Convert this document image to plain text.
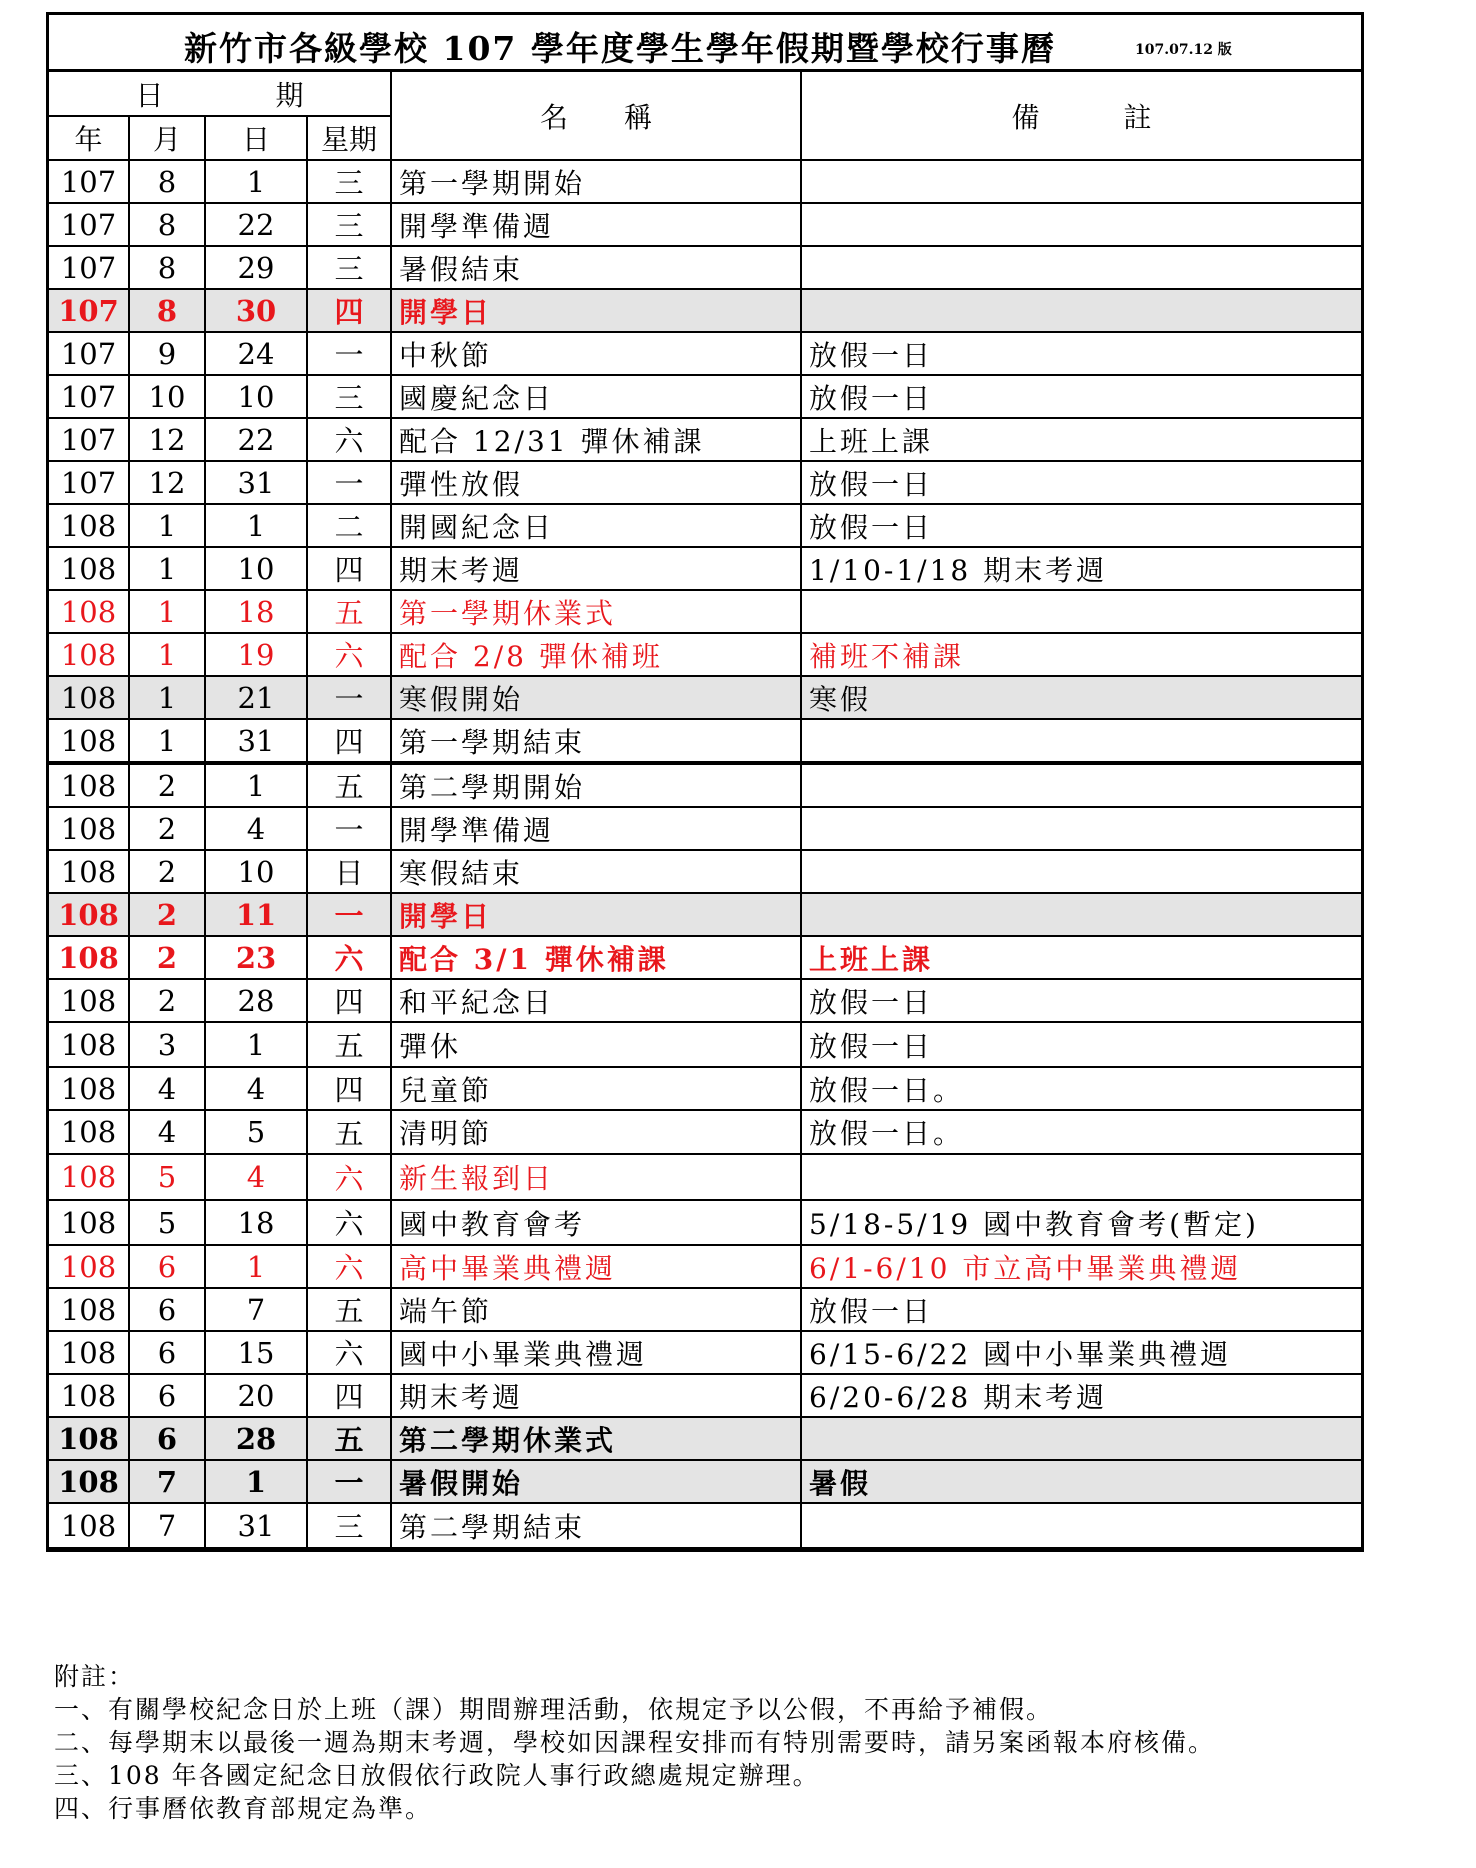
新竹市各級學校 107 學年度學生學年假期暨學校行事曆	107.07.12 版
日　　　　期				名　　稱	備　　　註
年	月	日	星期		
107	8	1	三	第一學期開始	
107	8	22	三	開學準備週	
107	8	29	三	暑假結束	
107	8	30	四	開學日	
107	9	24	一	中秋節	放假一日
107	10	10	三	國慶紀念日	放假一日
107	12	22	六	配合 12/31 彈休補課	上班上課
107	12	31	一	彈性放假	放假一日
108	1	1	二	開國紀念日	放假一日
108	1	10	四	期末考週	1/10-1/18 期末考週
108	1	18	五	第一學期休業式	
108	1	19	六	配合 2/8 彈休補班	補班不補課
108	1	21	一	寒假開始	寒假
108	1	31	四	第一學期結束	
108	2	1	五	第二學期開始	
108	2	4	一	開學準備週	
108	2	10	日	寒假結束	
108	2	11	一	開學日	
108	2	23	六	配合 3/1 彈休補課	上班上課
108	2	28	四	和平紀念日	放假一日
108	3	1	五	彈休	放假一日
108	4	4	四	兒童節	放假一日。
108	4	5	五	清明節	放假一日。
108	5	4	六	新生報到日	
108	5	18	六	國中教育會考	5/18-5/19 國中教育會考(暫定)
108	6	1	六	高中畢業典禮週	6/1-6/10 市立高中畢業典禮週
108	6	7	五	端午節	放假一日
108	6	15	六	國中小畢業典禮週	6/15-6/22 國中小畢業典禮週
108	6	20	四	期末考週	6/20-6/28 期末考週
108	6	28	五	第二學期休業式	
108	7	1	一	暑假開始	暑假
108	7	31	三	第二學期結束	
附註：
一、有關學校紀念日於上班（課）期間辦理活動，依規定予以公假，不再給予補假。
二、每學期末以最後一週為期末考週，學校如因課程安排而有特別需要時，請另案函報本府核備。
三、108 年各國定紀念日放假依行政院人事行政總處規定辦理。
四、行事曆依教育部規定為準。
